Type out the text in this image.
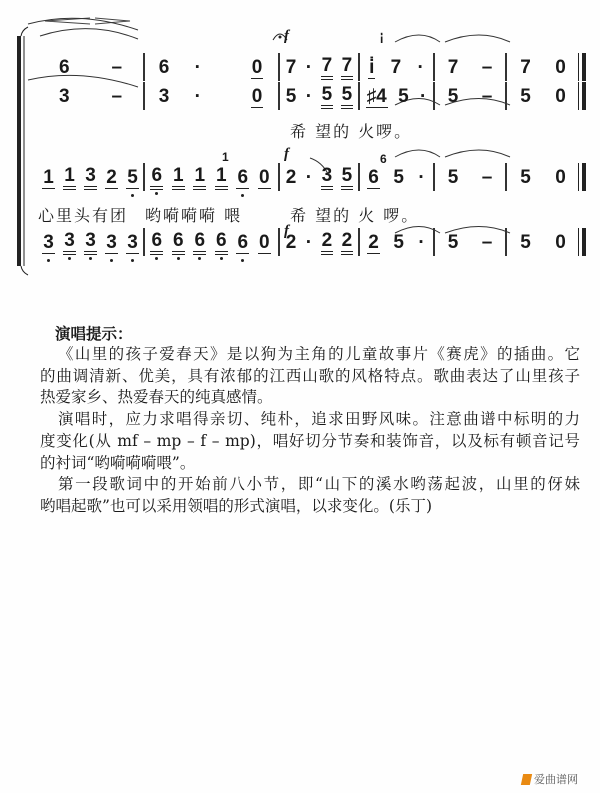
f
f
f
i̇
1	6
6 – 6 ·	0 7 · 7 7 i̇ 7 · 7 – 7 0
3 – 3 ·	0 5 · 5 5 ♯4 5 · 5 – 5 0
1 1 3 2 5 6 1 1 1 6 0 2 · 3 5 6 5 · 5 – 5 0
3 3 3 3 3 6 6 6 6 6 0 2 · 2 2 2 5 · 5 – 5 0
希 望的 火啰。
心里头有团 哟嗬嗬嗬 喂	希 望的 火 啰。
演唱提示：
《山里的孩子爱春天》是以狗为主角的儿童故事片《赛虎》的插曲。它
的曲调清新、优美，具有浓郁的江西山歌的风格特点。歌曲表达了山里孩子
热爱家乡、热爱春天的纯真感情。
演唱时，应力求唱得亲切、纯朴，追求田野风味。注意曲谱中标明的力
度变化(从 mf – mp – f – mp)，唱好切分节奏和装饰音，以及标有顿音记号
的衬词“哟嗬嗬嗬喂”。
第一段歌词中的开始前八小节，即“山下的溪水哟荡起波，山里的伢妹
哟唱起歌”也可以采用领唱的形式演唱，以求变化。(乐丁)
爱曲谱网
